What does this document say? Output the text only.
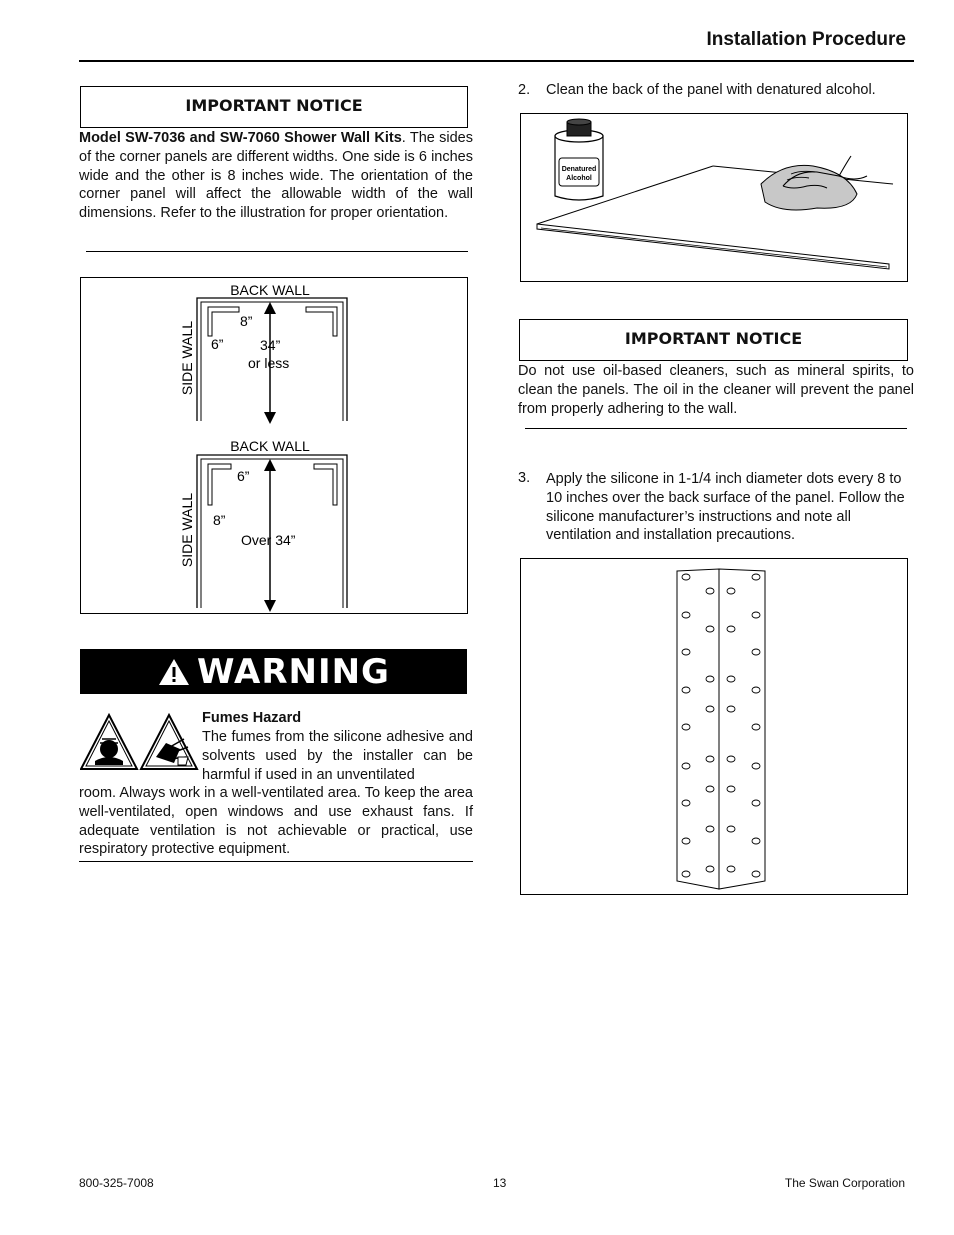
Installation Procedure
IMPORTANT NOTICE
Model SW-7036 and SW-7060 Shower Wall Kits. The sides of the corner panels are different widths. One side is 6 inches wide and the other is 8 inches wide. The orientation of the corner panel will affect the allowable width of the wall dimensions. Refer to the illustration for proper orientation.
BACK WALL
8”
6”	34”
or less
SIDE WALL
BACK WALL
6”
8”
Over 34”
SIDE WALL
WARNING
Fumes Hazard
The fumes from the silicone adhesive and solvents used by the installer can be harmful if used in an unventilated
room. Always work in a well-ventilated area. To keep the area well-ventilated, open windows and use exhaust fans. If adequate ventilation is not achievable or practical, use respiratory protective equipment.
2. Clean the back of the panel with denatured alcohol.
Denatured
Alcohol
IMPORTANT NOTICE
Do not use oil-based cleaners, such as mineral spirits, to clean the panels. The oil in the cleaner will prevent the panel from properly adhering to the wall.
3. Apply the silicone in 1-1/4 inch diameter dots every 8 to 10 inches over the back surface of the panel. Follow the silicone manufacturer’s instructions and note all ventilation and installation precautions.
800-325-7008	13	The Swan Corporation
